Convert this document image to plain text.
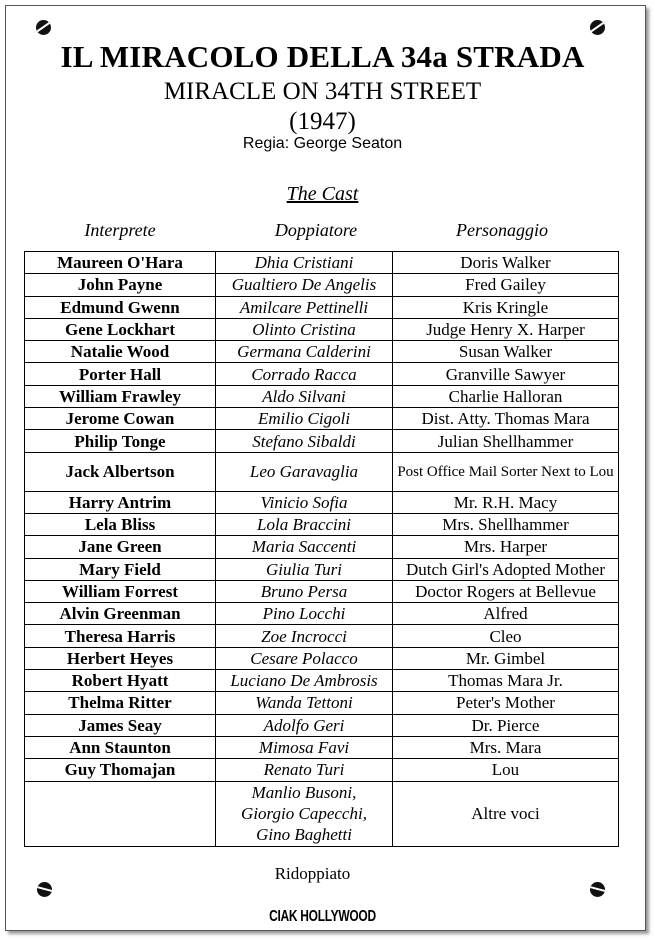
IL MIRACOLO DELLA 34a STRADA
MIRACLE ON 34TH STREET
(1947)
Regia: George Seaton
The Cast
Interprete	Doppiatore	Personaggio
Maureen O'Hara	Dhia Cristiani	Doris Walker
John Payne	Gualtiero De Angelis	Fred Gailey
Edmund Gwenn	Amilcare Pettinelli	Kris Kringle
Gene Lockhart	Olinto Cristina	Judge Henry X. Harper
Natalie Wood	Germana Calderini	Susan Walker
Porter Hall	Corrado Racca	Granville Sawyer
William Frawley	Aldo Silvani	Charlie Halloran
Jerome Cowan	Emilio Cigoli	Dist. Atty. Thomas Mara
Philip Tonge	Stefano Sibaldi	Julian Shellhammer
Jack Albertson	Leo Garavaglia	Post Office Mail Sorter Next to Lou
Harry Antrim	Vinicio Sofia	Mr. R.H. Macy
Lela Bliss	Lola Braccini	Mrs. Shellhammer
Jane Green	Maria Saccenti	Mrs. Harper
Mary Field	Giulia Turi	Dutch Girl's Adopted Mother
William Forrest	Bruno Persa	Doctor Rogers at Bellevue
Alvin Greenman	Pino Locchi	Alfred
Theresa Harris	Zoe Incrocci	Cleo
Herbert Heyes	Cesare Polacco	Mr. Gimbel
Robert Hyatt	Luciano De Ambrosis	Thomas Mara Jr.
Thelma Ritter	Wanda Tettoni	Peter's Mother
James Seay	Adolfo Geri	Dr. Pierce
Ann Staunton	Mimosa Favi	Mrs. Mara
Guy Thomajan	Renato Turi	Lou

	Manlio Busoni,
Giorgio Capecchi,
Gino Baghetti	Altre voci
Ridoppiato
CIAK HOLLYWOOD
